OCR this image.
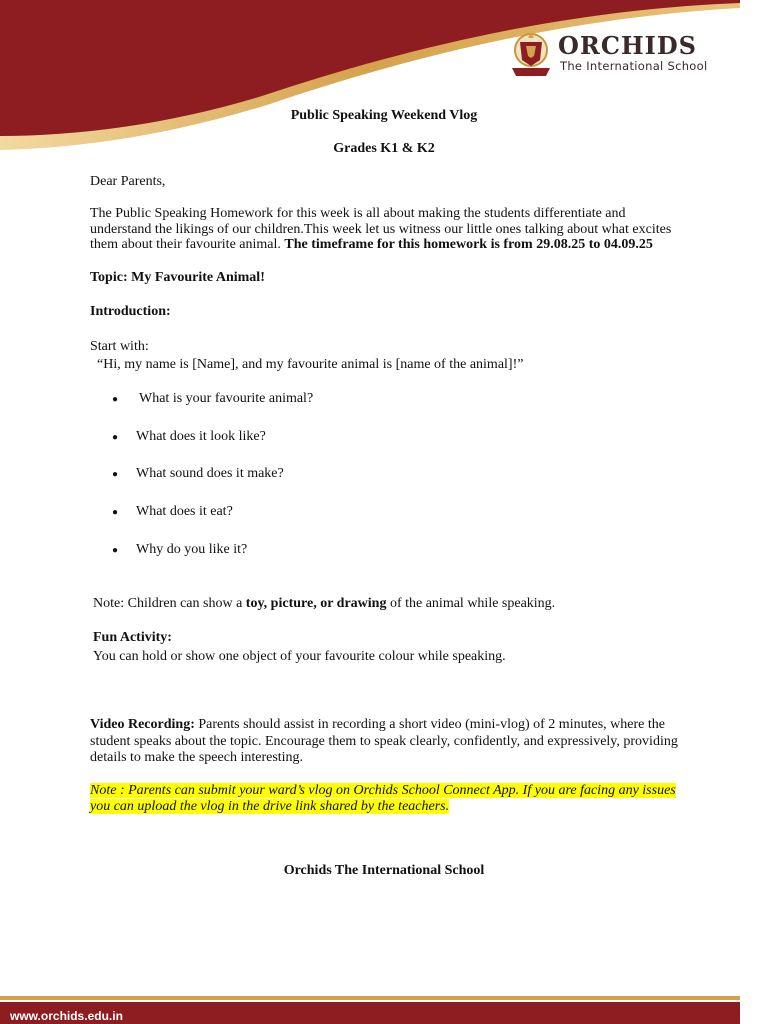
ORCHIDS
The International School
Public Speaking Weekend Vlog
Grades K1 & K2
Dear Parents,
The Public Speaking Homework for this week is all about making the students differentiate and
understand the likings of our children.This week let us witness our little ones talking about what excites
them about their favourite animal. The timeframe for this homework is from 29.08.25 to 04.09.25
Topic: My Favourite Animal!
Introduction:
Start with:
“Hi, my name is [Name], and my favourite animal is [name of the animal]!”
● What is your favourite animal?
● What does it look like?
● What sound does it make?
● What does it eat?
● Why do you like it?
Note: Children can show a toy, picture, or drawing of the animal while speaking.
Fun Activity:
You can hold or show one object of your favourite colour while speaking.
Video Recording: Parents should assist in recording a short video (mini-vlog) of 2 minutes, where the
student speaks about the topic. Encourage them to speak clearly, confidently, and expressively, providing
details to make the speech interesting.
Note : Parents can submit your ward’s vlog on Orchids School Connect App. If you are facing any issues
you can upload the vlog in the drive link shared by the teachers.
Orchids The International School
www.orchids.edu.in
